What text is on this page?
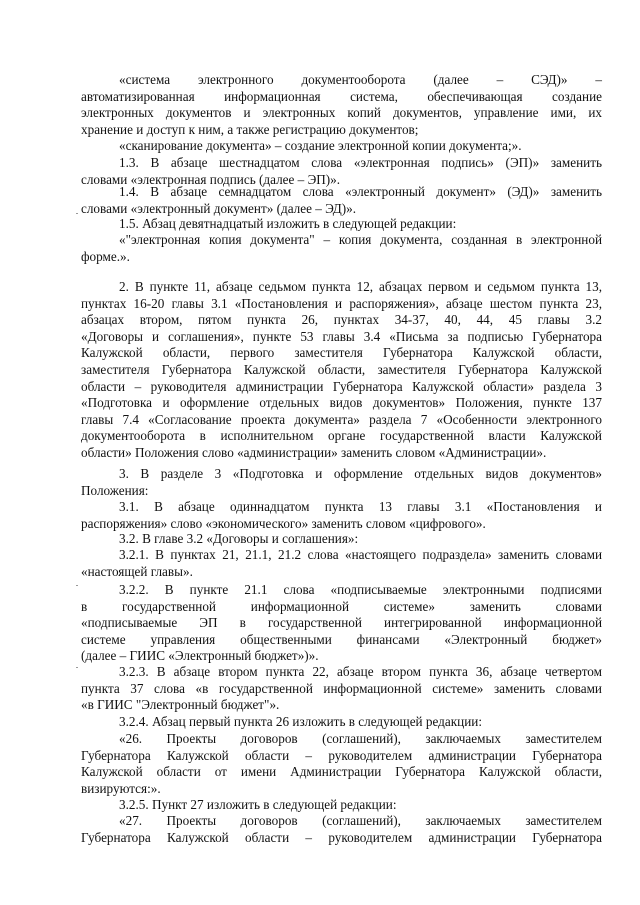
«система электронного документооборота (далее – СЭД)» –
автоматизированная информационная система, обеспечивающая создание
электронных документов и электронных копий документов, управление ими, их
хранение и доступ к ним, а также регистрацию документов;
«сканирование документа» – создание электронной копии документа;».
1.3. В абзаце шестнадцатом слова «электронная подпись» (ЭП)» заменить
словами «электронная подпись (далее – ЭП)».
1.4. В абзаце семнадцатом слова «электронный документ» (ЭД)» заменить
словами «электронный документ» (далее – ЭД)».
1.5. Абзац девятнадцатый изложить в следующей редакции:
«"электронная копия документа" – копия документа, созданная в электронной
форме.».
2. В пункте 11, абзаце седьмом пункта 12, абзацах первом и седьмом пункта 13,
пунктах 16-20 главы 3.1 «Постановления и распоряжения», абзаце шестом пункта 23,
абзацах втором, пятом пункта 26, пунктах 34-37, 40, 44, 45 главы 3.2
«Договоры и соглашения», пункте 53 главы 3.4 «Письма за подписью Губернатора
Калужской области, первого заместителя Губернатора Калужской области,
заместителя Губернатора Калужской области, заместителя Губернатора Калужской
области – руководителя администрации Губернатора Калужской области» раздела 3
«Подготовка и оформление отдельных видов документов» Положения, пункте 137
главы 7.4 «Согласование проекта документа» раздела 7 «Особенности электронного
документооборота в исполнительном органе государственной власти Калужской
области» Положения слово «администрации» заменить словом «Администрации».
3. В разделе 3 «Подготовка и оформление отдельных видов документов»
Положения:
3.1. В абзаце одиннадцатом пункта 13 главы 3.1 «Постановления и
распоряжения» слово «экономического» заменить словом «цифрового».
3.2. В главе 3.2 «Договоры и соглашения»:
3.2.1. В пунктах 21, 21.1, 21.2 слова «настоящего подраздела» заменить словами
«настоящей главы».
3.2.2. В пункте 21.1 слова «подписываемые электронными подписями
в государственной информационной системе» заменить словами
«подписываемые ЭП в государственной интегрированной информационной
системе управления общественными финансами «Электронный бюджет»
(далее – ГИИС «Электронный бюджет»)».
3.2.3. В абзаце втором пункта 22, абзаце втором пункта 36, абзаце четвертом
пункта 37 слова «в государственной информационной системе» заменить словами
«в ГИИС "Электронный бюджет"».
3.2.4. Абзац первый пункта 26 изложить в следующей редакции:
«26. Проекты договоров (соглашений), заключаемых заместителем
Губернатора Калужской области – руководителем администрации Губернатора
Калужской области от имени Администрации Губернатора Калужской области,
визируются:».
3.2.5. Пункт 27 изложить в следующей редакции:
«27. Проекты договоров (соглашений), заключаемых заместителем
Губернатора Калужской области – руководителем администрации Губернатора
